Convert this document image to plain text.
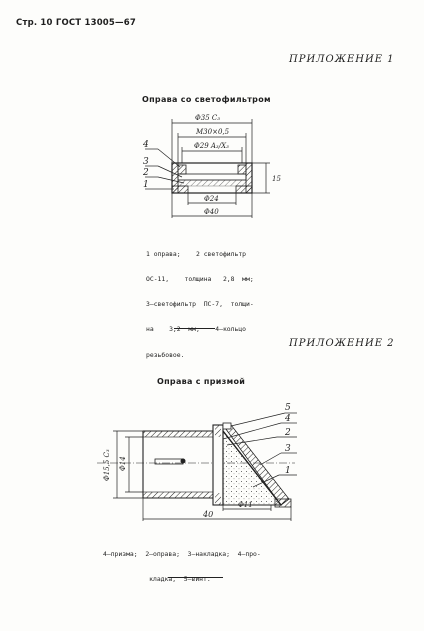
Стр. 10 ГОСТ 13005—67
ПРИЛОЖЕНИЕ 1
Оправа со светофильтром
Φ35 C₃
M30×0,5
Φ29 A₃/X₃
15
Φ24
Φ40
4
3
2
1

1 оправа;    2 светофильтр

ОС-11,    толщина   2,8  мм;

3—светофильтр  ПС-7,  толщи-

на    3,2  мм;    4—кольцо

резьбовое.

ПРИЛОЖЕНИЕ 2
Оправа с призмой
Φ15,5 C₃ Φ14
Φ11
40
5
4
2
3
1

4—призма;  2—оправа;  3—накладка;  4—про-

кладка,  5—винт.
